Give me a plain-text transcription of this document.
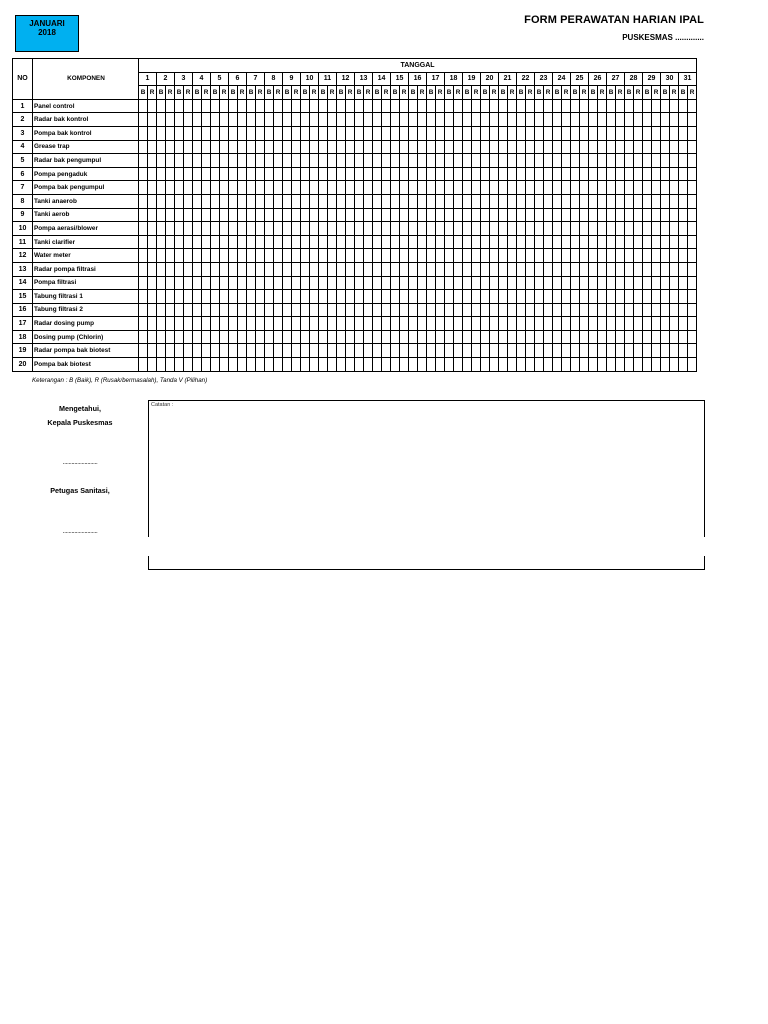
JANUARI
2018
FORM PERAWATAN HARIAN IPAL
PUSKESMAS .............
NO	KOMPONEN	TANGGAL																																																													
		1		2		3		4		5		6		7		8		9		10		11		12		13		14		15		16		17		18		19		20		21		22		23		24		25		26		27		28		29		30		31	
		B	R	B	R	B	R	B	R	B	R	B	R	B	R	B	R	B	R	B	R	B	R	B	R	B	R	B	R	B	R	B	R	B	R	B	R	B	R	B	R	B	R	B	R	B	R	B	R	B	R	B	R	B	R	B	R	B	R	B	R	B	R
1	Panel control																																																														
2	Radar bak kontrol																																																														
3	Pompa bak kontrol																																																														
4	Grease trap																																																														
5	Radar bak pengumpul																																																														
6	Pompa pengaduk																																																														
7	Pompa bak pengumpul																																																														
8	Tanki anaerob																																																														
9	Tanki aerob																																																														
10	Pompa aerasi/blower																																																														
11	Tanki clarifier																																																														
12	Water meter																																																														
13	Radar pompa filtrasi																																																														
14	Pompa filtrasi																																																														
15	Tabung filtrasi 1																																																														
16	Tabung filtrasi 2																																																														
17	Radar dosing pump																																																														
18	Dosing pump (Chlorin)																																																														
19	Radar pompa bak biotest																																																														
20	Pompa bak biotest																																																														
Keterangan : B (Baik), R (Rusak/bermasalah), Tanda V (Pilihan)
Mengetahui,
Kepala Puskesmas
........................
Petugas Sanitasi,
........................
Catatan :
